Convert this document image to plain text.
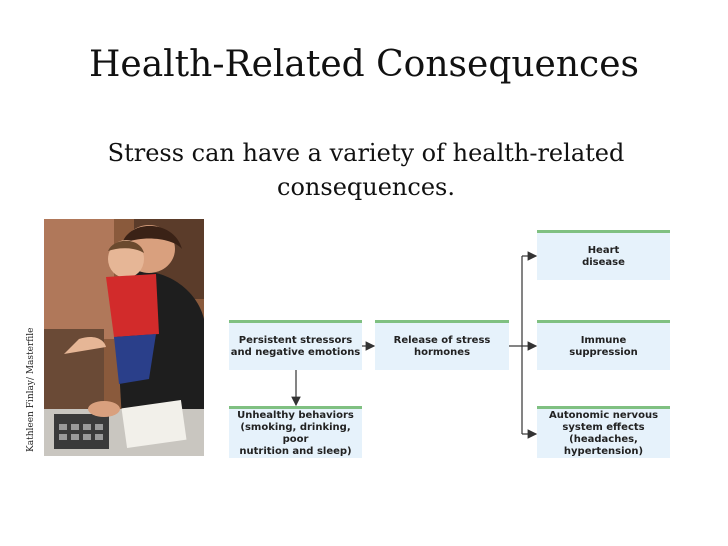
Health-Related Consequences
Stress can have a variety of health-related consequences.
Kathleen Finlay/ Masterfile	Persistent stressors
and negative emotions
Release of stress
hormones
Unhealthy behaviors
(smoking, drinking, poor
nutrition and sleep)
Heart
disease
Immune
suppression
Autonomic nervous
system effects
(headaches, hypertension)
